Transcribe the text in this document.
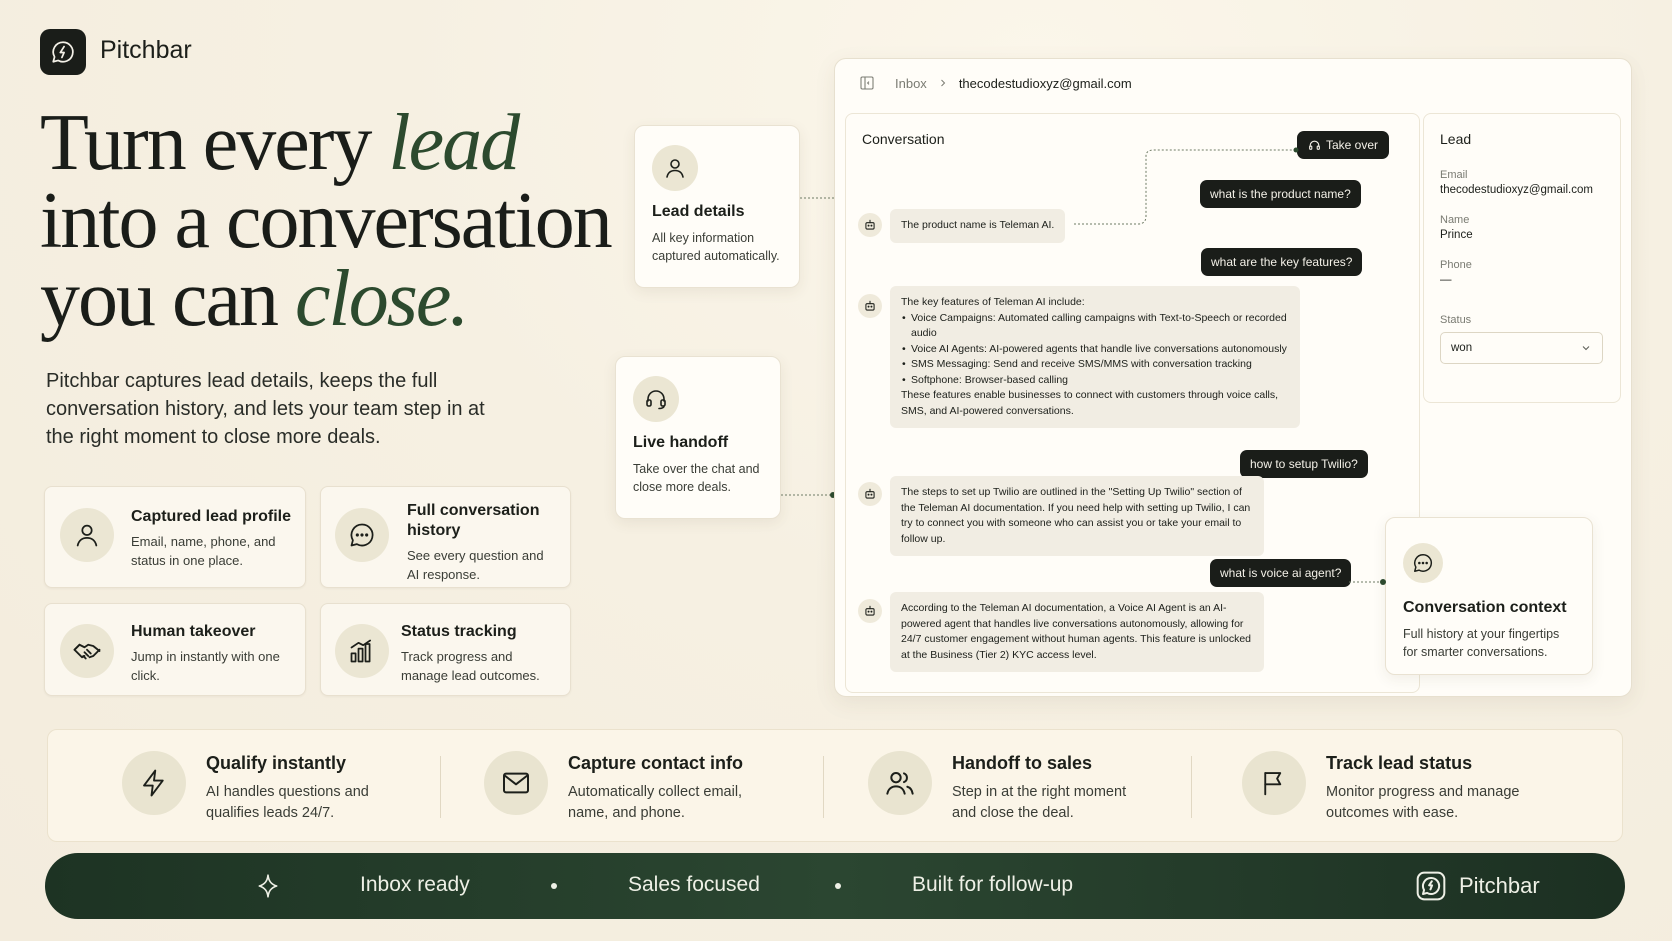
Pitchbar
Turn every lead
into a conversation
you can close.
Pitchbar captures lead details, keeps the full conversation history, and lets your team step in at the right moment to close more deals.
Captured lead profile
Email, name, phone, and status in one place.
Full conversation history
See every question and AI response.
Human takeover
Jump in instantly with one click.
Status tracking
Track progress and manage lead outcomes.
Lead details
All key information captured automatically.
Live handoff
Take over the chat and close more deals.
Inbox thecodestudioxyz@gmail.com
Conversation	Take over
what is the product name?
The product name is Teleman AI.
what are the key features?
The key features of Teleman AI include:
• Voice Campaigns: Automated calling campaigns with Text-to-Speech or recorded audio
• Voice AI Agents: AI-powered agents that handle live conversations autonomously
• SMS Messaging: Send and receive SMS/MMS with conversation tracking
• Softphone: Browser-based calling
These features enable businesses to connect with customers through voice calls, SMS, and AI-powered conversations.
how to setup Twilio?
The steps to set up Twilio are outlined in the "Setting Up Twilio" section of the Teleman AI documentation. If you need help with setting up Twilio, I can try to connect you with someone who can assist you or take your email to follow up.
what is voice ai agent?
According to the Teleman AI documentation, a Voice AI Agent is an AI-powered agent that handles live conversations autonomously, allowing for 24/7 customer engagement without human agents. This feature is unlocked at the Business (Tier 2) KYC access level.
Lead
Email
thecodestudioxyz@gmail.com
Name
Prince
Phone
—
Status
won
Conversation context
Full history at your fingertips for smarter conversations.
Qualify instantly
AI handles questions and
qualifies leads 24/7.
Capture contact info
Automatically collect email,
name, and phone.
Handoff to sales
Step in at the right moment
and close the deal.
Track lead status
Monitor progress and manage
outcomes with ease.
Inbox ready	Sales focused	Built for follow-up	Pitchbar
